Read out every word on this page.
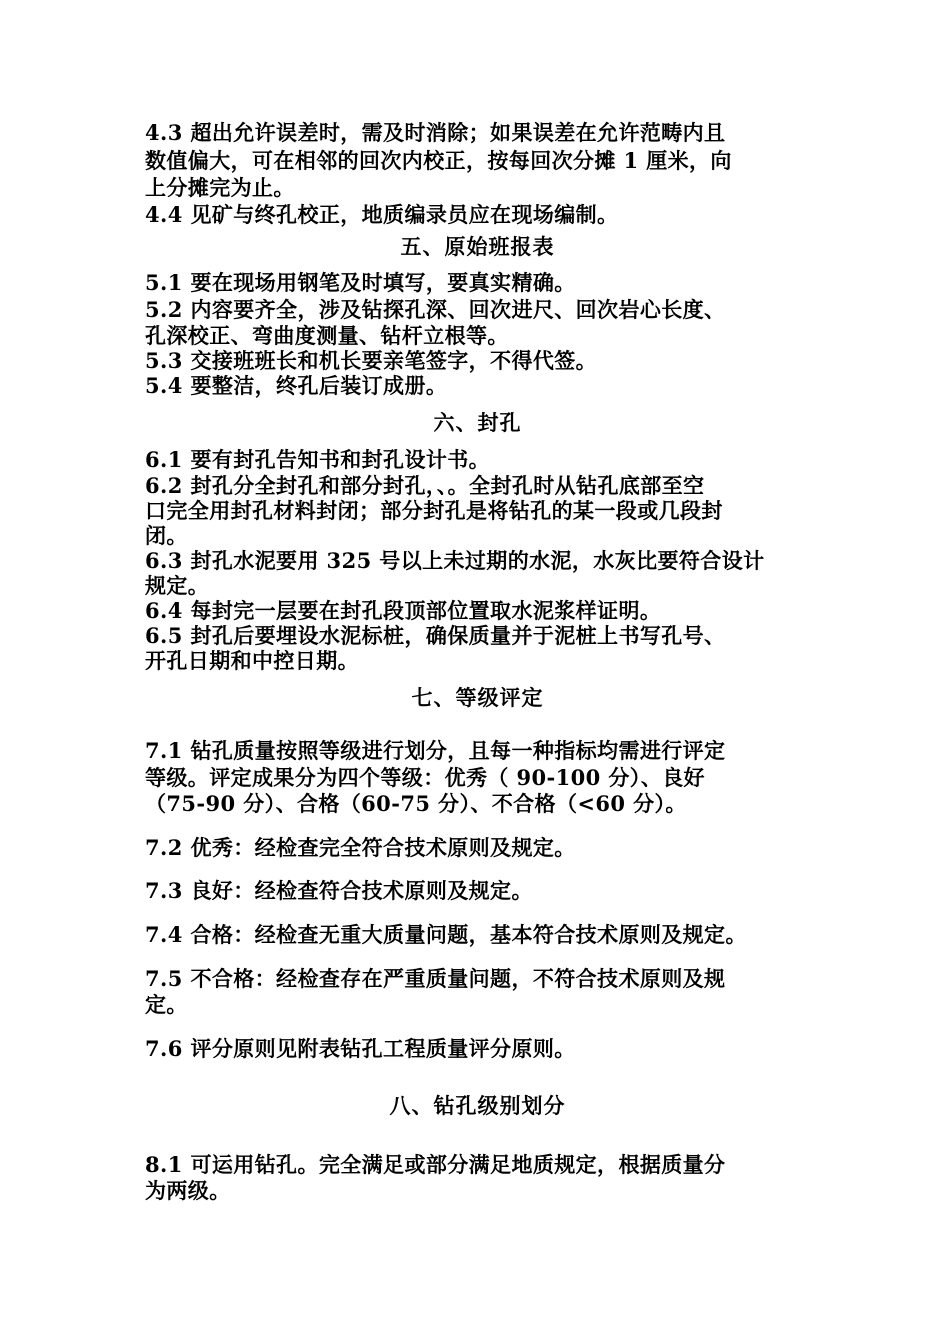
4.3 超出允许误差时，需及时消除；如果误差在允许范畴内且
数值偏大，可在相邻的回次内校正，按每回次分摊 1 厘米，向
上分摊完为止。
4.4 见矿与终孔校正，地质编录员应在现场编制。
五、原始班报表
5.1 要在现场用钢笔及时填写，要真实精确。
5.2 内容要齐全，涉及钻探孔深、回次进尺、回次岩心长度、
孔深校正、弯曲度测量、钻杆立根等。
5.3 交接班班长和机长要亲笔签字，不得代签。
5.4 要整洁，终孔后装订成册。
六、封孔
6.1 要有封孔告知书和封孔设计书。
6.2 封孔分全封孔和部分封孔，、。全封孔时从钻孔底部至空
口完全用封孔材料封闭；部分封孔是将钻孔的某一段或几段封
闭。
6.3 封孔水泥要用 325 号以上未过期的水泥，水灰比要符合设计
规定。
6.4 每封完一层要在封孔段顶部位置取水泥浆样证明。
6.5 封孔后要埋设水泥标桩，确保质量并于泥桩上书写孔号、
开孔日期和中控日期。
七、等级评定
7.1 钻孔质量按照等级进行划分，且每一种指标均需进行评定
等级。评定成果分为四个等级：优秀（ 90-100 分）、良好
（75-90 分）、合格（60-75 分）、不合格（<60 分）。
7.2 优秀：经检查完全符合技术原则及规定。
7.3 良好：经检查符合技术原则及规定。
7.4 合格：经检查无重大质量问题，基本符合技术原则及规定。
7.5 不合格：经检查存在严重质量问题，不符合技术原则及规
定。
7.6 评分原则见附表钻孔工程质量评分原则。
八、钻孔级别划分
8.1 可运用钻孔。完全满足或部分满足地质规定，根据质量分
为两级。
